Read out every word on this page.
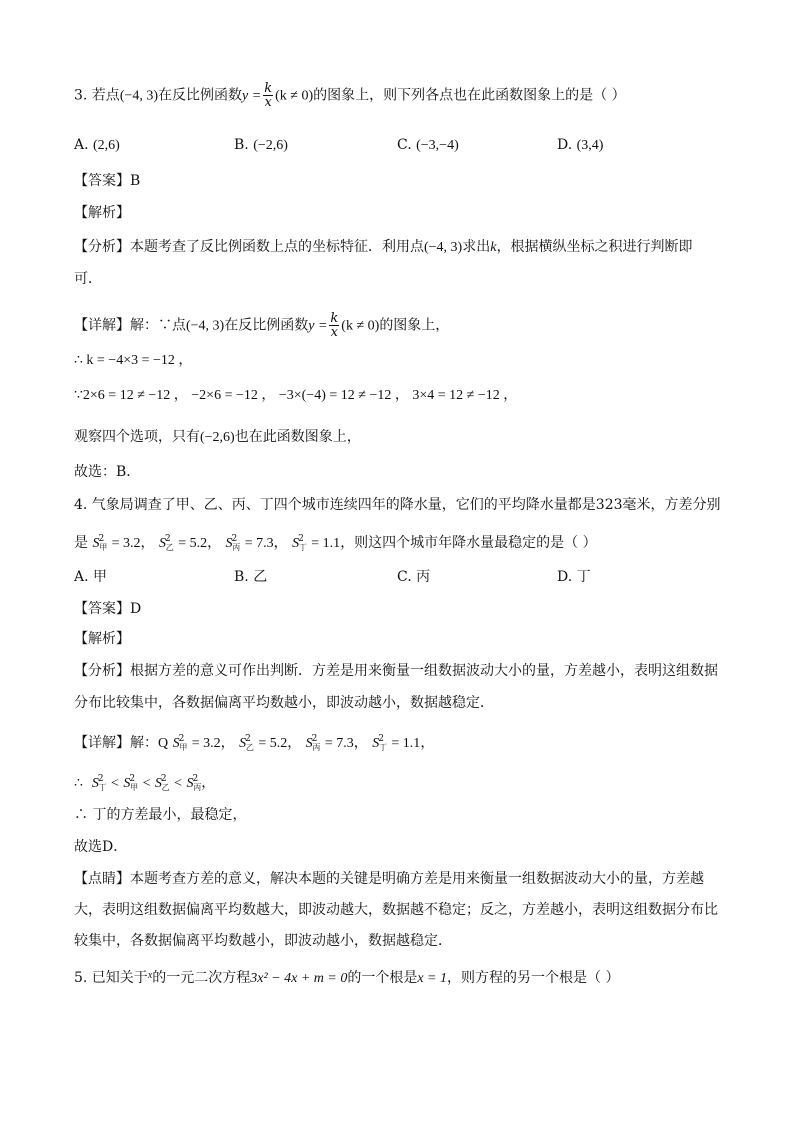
3. 若点(−4, 3)在反比例函数$y = \frac{k}{x} (k \ne 0)$的图象上，则下列各点也在此函数图象上的是（ ）
A. (2,6)	B. (−2,6)	C. (−3,−4)	D. (3,4)
【答案】B
【解析】
【分析】本题考查了反比例函数上点的坐标特征．利用点(−4, 3)求出k，根据横纵坐标之积进行判断即
可．
【详解】解：∵点(−4, 3)在反比例函数$y = \frac{k}{x} (k \ne 0)$的图象上，
∴ k = −4×3 = −12 ，
∵2×6 = 12 ≠ −12 ， −2×6 = −12 ， −3×(−4) = 12 ≠ −12 ， 3×4 = 12 ≠ −12 ，
观察四个选项，只有(−2,6)也在此函数图象上，
故选：B．
4. 气象局调查了甲、乙、丙、丁四个城市连续四年的降水量，它们的平均降水量都是323毫米，方差分别
是 $S^2_甲 = 3.2$， $S^2_乙 = 5.2$， $S^2_丙 = 7.3$， $S^2_丁 = 1.1$，则这四个城市年降水量最稳定的是（ ）
A. 甲	B. 乙	C. 丙	D. 丁
【答案】D
【解析】
【分析】根据方差的意义可作出判断．方差是用来衡量一组数据波动大小的量，方差越小，表明这组数据
分布比较集中，各数据偏离平均数越小，即波动越小，数据越稳定．
【详解】解：Q $S^2_甲 = 3.2$， $S^2_乙 = 5.2$， $S^2_丙 = 7.3$， $S^2_丁 = 1.1$，
∴ $S^2_丁 < S^2_甲 < S^2_乙 < S^2_丙$，
∴ 丁的方差最小，最稳定，
故选D．
【点睛】本题考查方差的意义，解决本题的关键是明确方差是用来衡量一组数据波动大小的量，方差越
大，表明这组数据偏离平均数越大，即波动越大，数据越不稳定；反之，方差越小，表明这组数据分布比
较集中，各数据偏离平均数越小，即波动越小，数据越稳定．
5. 已知关于$^x$的一元二次方程3x² − 4x + m = 0的一个根是x = 1，则方程的另一个根是（ ）
